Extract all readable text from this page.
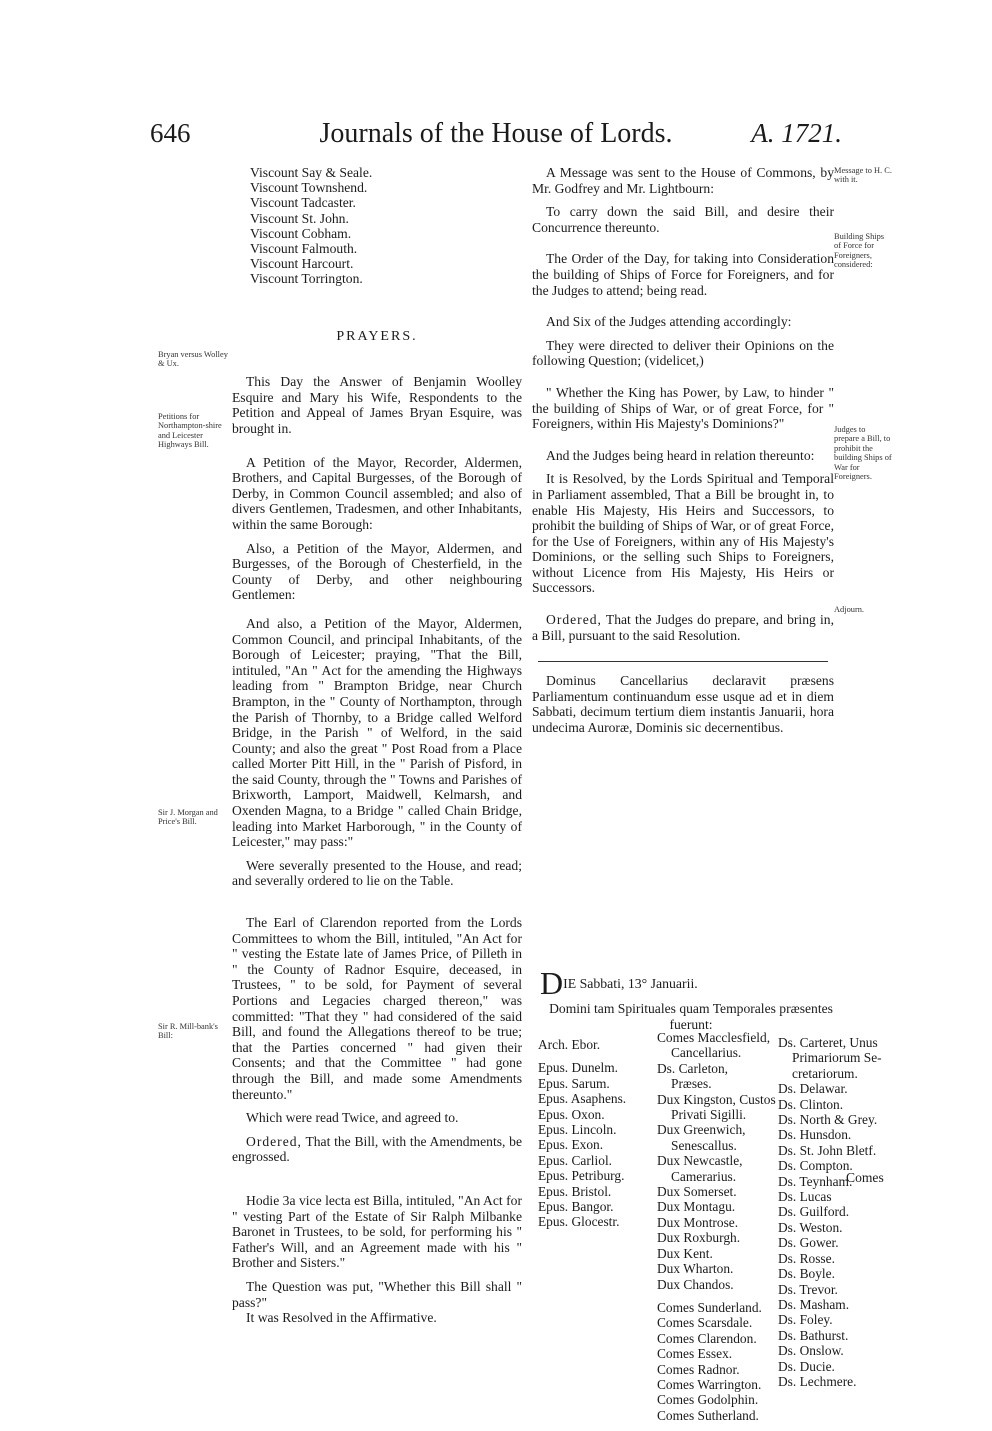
646	Journals of the House of Lords.	A. 1721.
Viscount Say & Seale.
Viscount Townshend.
Viscount Tadcaster.
Viscount St. John.
Viscount Cobham.
Viscount Falmouth.
Viscount Harcourt.
Viscount Torrington.
PRAYERS.

This Day the Answer of Benjamin Woolley Esquire and Mary his Wife, Respondents to the Petition and Appeal of James Bryan Esquire, was brought in.

A Petition of the Mayor, Recorder, Aldermen, Brothers, and Capital Burgesses, of the Borough of Derby, in Common Council assembled; and also of divers Gentlemen, Tradesmen, and other Inhabitants, within the same Borough:

Also, a Petition of the Mayor, Aldermen, and Burgesses, of the Borough of Chesterfield, in the County of Derby, and other neighbouring Gentlemen:

And also, a Petition of the Mayor, Aldermen, Common Council, and principal Inhabitants, of the Borough of Leicester; praying, "That the Bill, intituled, "An " Act for the amending the Highways leading from " Brampton Bridge, near Church Brampton, in the " County of Northampton, through the Parish of Thornby, to a Bridge called Welford Bridge, in the Parish " of Welford, in the said County; and also the great " Post Road from a Place called Morter Pitt Hill, in the " Parish of Pisford, in the said County, through the " Towns and Parishes of Brixworth, Lamport, Maidwell, Kelmarsh, and Oxenden Magna, to a Bridge " called Chain Bridge, leading into Market Harborough, " in the County of Leicester," may pass:"

Were severally presented to the House, and read; and severally ordered to lie on the Table.

The Earl of Clarendon reported from the Lords Committees to whom the Bill, intituled, "An Act for " vesting the Estate late of James Price, of Pilleth in " the County of Radnor Esquire, deceased, in Trustees, " to be sold, for Payment of several Portions and Legacies charged thereon," was committed: "That they " had considered of the said Bill, and found the Allegations thereof to be true; that the Parties concerned " had given their Consents; and that the Committee " had gone through the Bill, and made some Amendments thereunto."

Which were read Twice, and agreed to.

Ordered, That the Bill, with the Amendments, be engrossed.

Hodie 3a vice lecta est Billa, intituled, "An Act for " vesting Part of the Estate of Sir Ralph Milbanke Baronet in Trustees, to be sold, for performing his " Father's Will, and an Agreement made with his " Brother and Sisters."

The Question was put, "Whether this Bill shall " pass?"

It was Resolved in the Affirmative.

Bryan versus Wolley & Ux.
Petitions for Northampton-shire and Leicester Highways Bill.
Sir J. Morgan and Price's Bill.
Sir R. Mill-bank's Bill:

A Message was sent to the House of Commons, by Mr. Godfrey and Mr. Lightbourn:

To carry down the said Bill, and desire their Concurrence thereunto.

The Order of the Day, for taking into Consideration the building of Ships of Force for Foreigners, and for the Judges to attend; being read.

And Six of the Judges attending accordingly:

They were directed to deliver their Opinions on the following Question; (videlicet,)

" Whether the King has Power, by Law, to hinder " the building of Ships of War, or of great Force, for " Foreigners, within His Majesty's Dominions?"

And the Judges being heard in relation thereunto:

It is Resolved, by the Lords Spiritual and Temporal in Parliament assembled, That a Bill be brought in, to enable His Majesty, His Heirs and Successors, to prohibit the building of Ships of War, or of great Force, for the Use of Foreigners, within any of His Majesty's Dominions, or the selling such Ships to Foreigners, without Licence from His Majesty, His Heirs or Successors.

Ordered, That the Judges do prepare, and bring in, a Bill, pursuant to the said Resolution.

Dominus Cancellarius declaravit præsens Parliamentum continuandum esse usque ad et in diem Sabbati, decimum tertium diem instantis Januarii, hora undecima Auroræ, Dominis sic decernentibus.

Message to H. C. with it.
Building Ships of Force for Foreigners, considered:
Judges to prepare a Bill, to prohibit the building Ships of War for Foreigners.
Adjourn.
DIE Sabbati, 13° Januarii.
Domini tam Spirituales quam Temporales præsentes fuerunt:
Arch. Ebor.
Epus. Dunelm.
Epus. Sarum.
Epus. Asaphens.
Epus. Oxon.
Epus. Lincoln.
Epus. Exon.
Epus. Carliol.
Epus. Petriburg.
Epus. Bristol.
Epus. Bangor.
Epus. Glocestr.
Comes Macclesfield,
Cancellarius.
Ds. Carleton,
Præses.
Dux Kingston, Custos
Privati Sigilli.
Dux Greenwich,
Senescallus.
Dux Newcastle,
Camerarius.
Dux Somerset.
Dux Montagu.
Dux Montrose.
Dux Roxburgh.
Dux Kent.
Dux Wharton.
Dux Chandos.
Comes Sunderland.
Comes Scarsdale.
Comes Clarendon.
Comes Essex.
Comes Radnor.
Comes Warrington.
Comes Godolphin.
Comes Sutherland.
Ds. Carteret, Unus
Primariorum Se-
cretariorum.
Ds. Delawar.
Ds. Clinton.
Ds. North & Grey.
Ds. Hunsdon.
Ds. St. John Bletf.
Ds. Compton.
Ds. Teynham.
Ds. Lucas
Ds. Guilford.
Ds. Weston.
Ds. Gower.
Ds. Rosse.
Ds. Boyle.
Ds. Trevor.
Ds. Masham.
Ds. Foley.
Ds. Bathurst.
Ds. Onslow.
Ds. Ducie.
Ds. Lechmere.
Comes
